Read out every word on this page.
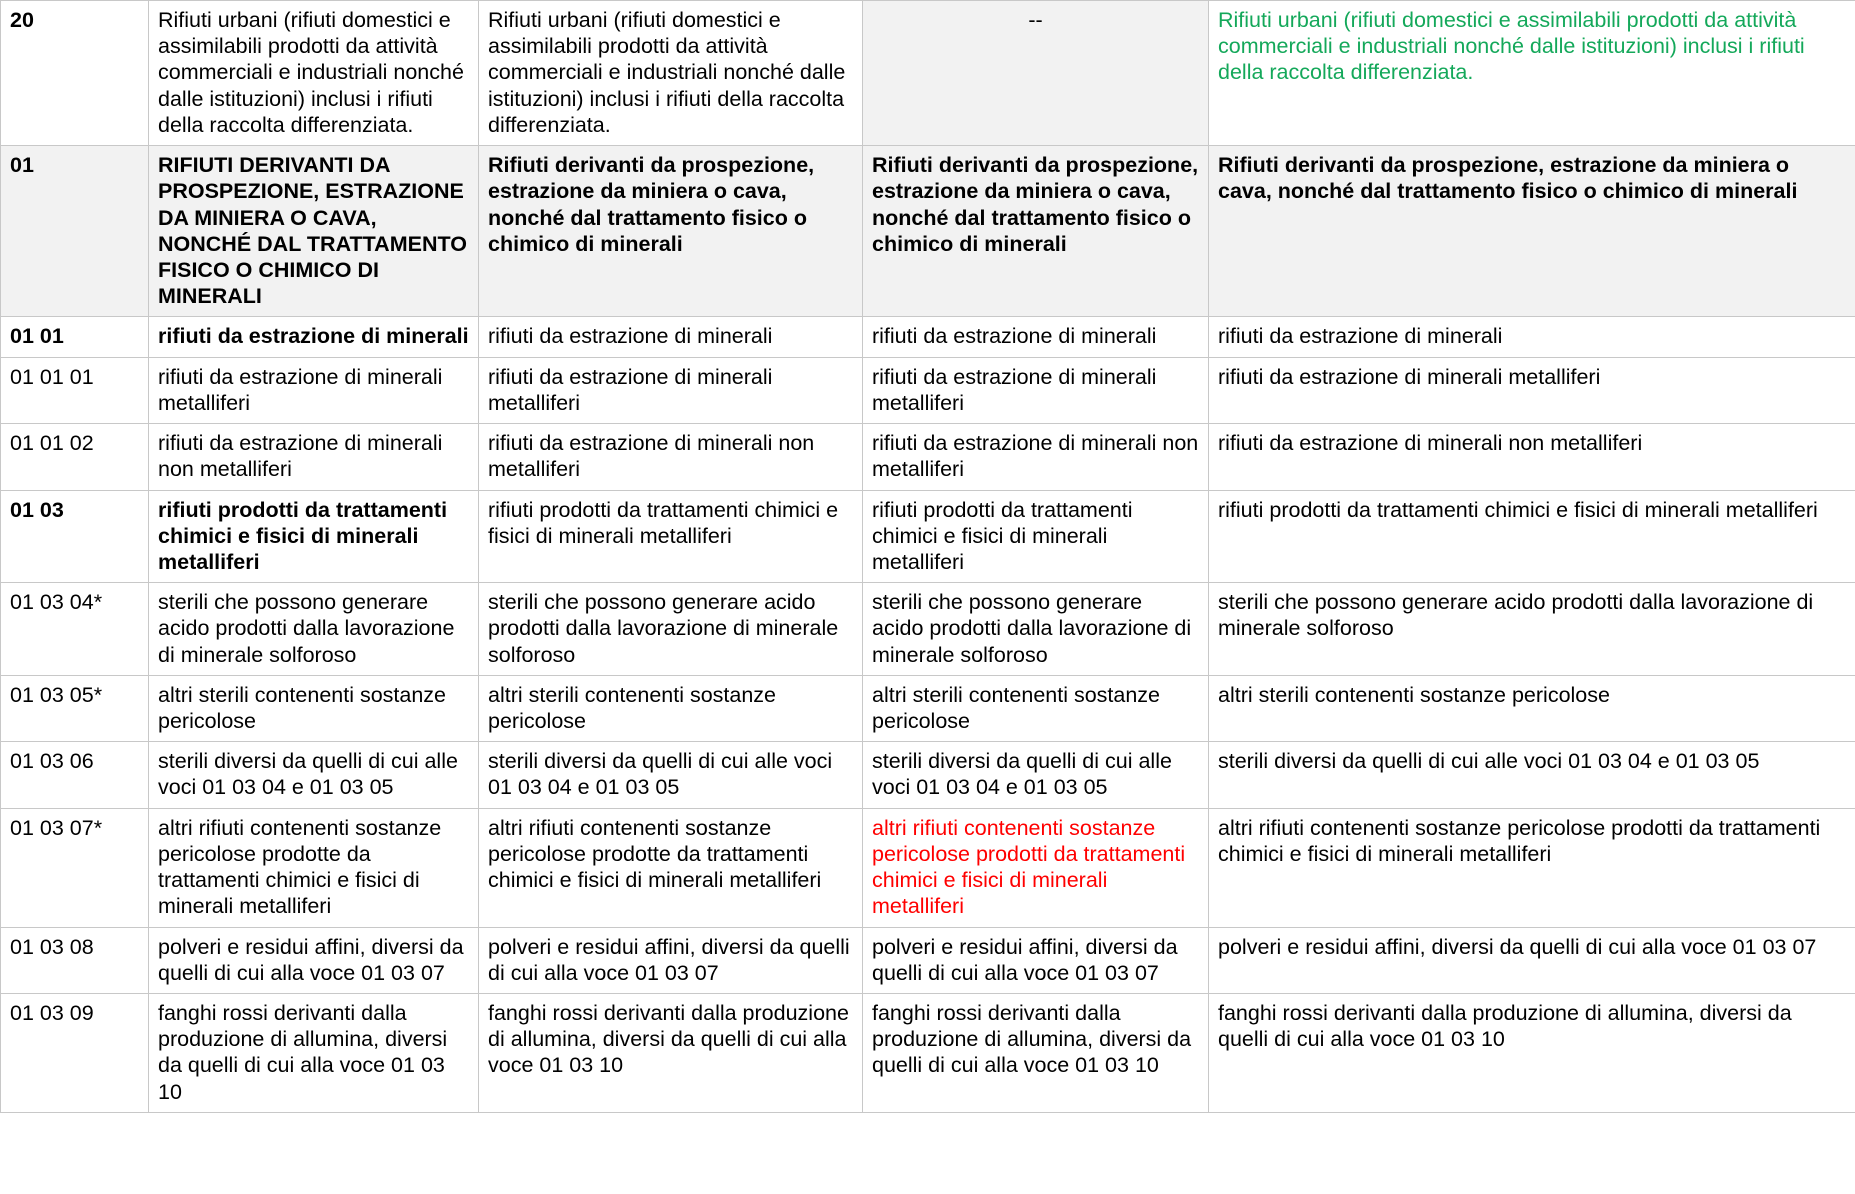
20	Rifiuti urbani (rifiuti domestici e assimilabili prodotti da attività commerciali e industriali nonché dalle istituzioni) inclusi i rifiuti della raccolta differenziata.	Rifiuti urbani (rifiuti domestici e assimilabili prodotti da attività commerciali e industriali nonché dalle istituzioni) inclusi i rifiuti della raccolta differenziata.	--	Rifiuti urbani (rifiuti domestici e assimilabili prodotti da attività commerciali e industriali nonché dalle istituzioni) inclusi i rifiuti della raccolta differenziata.
01	RIFIUTI DERIVANTI DA PROSPEZIONE, ESTRAZIONE DA MINIERA O CAVA, NONCHÉ DAL TRATTAMENTO FISICO O CHIMICO DI MINERALI	Rifiuti derivanti da prospezione, estrazione da miniera o cava, nonché dal trattamento fisico o chimico di minerali	Rifiuti derivanti da prospezione, estrazione da miniera o cava, nonché dal trattamento fisico o chimico di minerali	Rifiuti derivanti da prospezione, estrazione da miniera o cava, nonché dal trattamento fisico o chimico di minerali
01 01	rifiuti da estrazione di minerali	rifiuti da estrazione di minerali	rifiuti da estrazione di minerali	rifiuti da estrazione di minerali
01 01 01	rifiuti da estrazione di minerali metalliferi	rifiuti da estrazione di minerali metalliferi	rifiuti da estrazione di minerali metalliferi	rifiuti da estrazione di minerali metalliferi
01 01 02	rifiuti da estrazione di minerali non metalliferi	rifiuti da estrazione di minerali non metalliferi	rifiuti da estrazione di minerali non metalliferi	rifiuti da estrazione di minerali non metalliferi
01 03	rifiuti prodotti da trattamenti chimici e fisici di minerali metalliferi	rifiuti prodotti da trattamenti chimici e fisici di minerali metalliferi	rifiuti prodotti da trattamenti chimici e fisici di minerali metalliferi	rifiuti prodotti da trattamenti chimici e fisici di minerali metalliferi
01 03 04*	sterili che possono generare acido prodotti dalla lavorazione di minerale solforoso	sterili che possono generare acido prodotti dalla lavorazione di minerale solforoso	sterili che possono generare acido prodotti dalla lavorazione di minerale solforoso	sterili che possono generare acido prodotti dalla lavorazione di minerale solforoso
01 03 05*	altri sterili contenenti sostanze pericolose	altri sterili contenenti sostanze pericolose	altri sterili contenenti sostanze pericolose	altri sterili contenenti sostanze pericolose
01 03 06	sterili diversi da quelli di cui alle voci 01 03 04 e 01 03 05	sterili diversi da quelli di cui alle voci 01 03 04 e 01 03 05	sterili diversi da quelli di cui alle voci 01 03 04 e 01 03 05	sterili diversi da quelli di cui alle voci 01 03 04 e 01 03 05
01 03 07*	altri rifiuti contenenti sostanze pericolose prodotte da trattamenti chimici e fisici di minerali metalliferi	altri rifiuti contenenti sostanze pericolose prodotte da trattamenti chimici e fisici di minerali metalliferi	altri rifiuti contenenti sostanze pericolose prodotti da trattamenti chimici e fisici di minerali metalliferi	altri rifiuti contenenti sostanze pericolose prodotti da trattamenti chimici e fisici di minerali metalliferi
01 03 08	polveri e residui affini, diversi da quelli di cui alla voce 01 03 07	polveri e residui affini, diversi da quelli di cui alla voce 01 03 07	polveri e residui affini, diversi da quelli di cui alla voce 01 03 07	polveri e residui affini, diversi da quelli di cui alla voce 01 03 07
01 03 09	fanghi rossi derivanti dalla produzione di allumina, diversi da quelli di cui alla voce 01 03 10	fanghi rossi derivanti dalla produzione di allumina, diversi da quelli di cui alla voce 01 03 10	fanghi rossi derivanti dalla produzione di allumina, diversi da quelli di cui alla voce 01 03 10	fanghi rossi derivanti dalla produzione di allumina, diversi da quelli di cui alla voce 01 03 10
